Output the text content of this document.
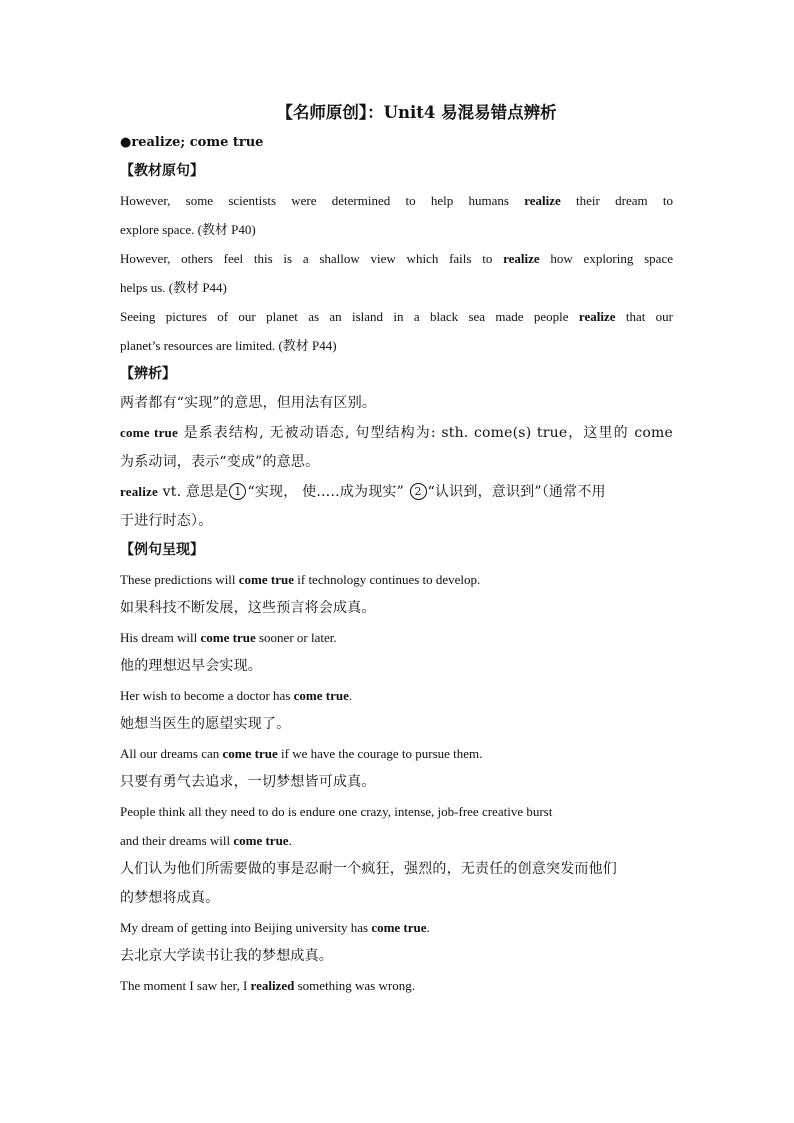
【名师原创】：Unit4 易混易错点辨析
●realize; come true
【教材原句】
However, some scientists were determined to help humans realize their dream to
explore space. (教材 P40)
However, others feel this is a shallow view which fails to realize how exploring space
helps us. (教材 P44)
Seeing pictures of our planet as an island in a black sea made people realize that our
planet’s resources are limited. (教材 P44)
【辨析】
两者都有“实现”的意思，但用法有区别。
come true 是系表结构, 无被动语态, 句型结构为: sth. come(s) true，这里的 come
为系动词，表示“变成”的意思。
realize vt. 意思是 1 “实现， 使…..成为现实” 2 “认识到，意识到”（通常不用
于进行时态）。
【例句呈现】
These predictions will come true if technology continues to develop.
如果科技不断发展，这些预言将会成真。
His dream will come true sooner or later.
他的理想迟早会实现。
Her wish to become a doctor has come true.
她想当医生的愿望实现了。
All our dreams can come true if we have the courage to pursue them.
只要有勇气去追求，一切梦想皆可成真。
People think all they need to do is endure one crazy, intense, job-free creative burst
and their dreams will come true.
人们认为他们所需要做的事是忍耐一个疯狂，强烈的，无责任的创意突发而他们
的梦想将成真。
My dream of getting into Beijing university has come true.
去北京大学读书让我的梦想成真。
The moment I saw her, I realized something was wrong.
